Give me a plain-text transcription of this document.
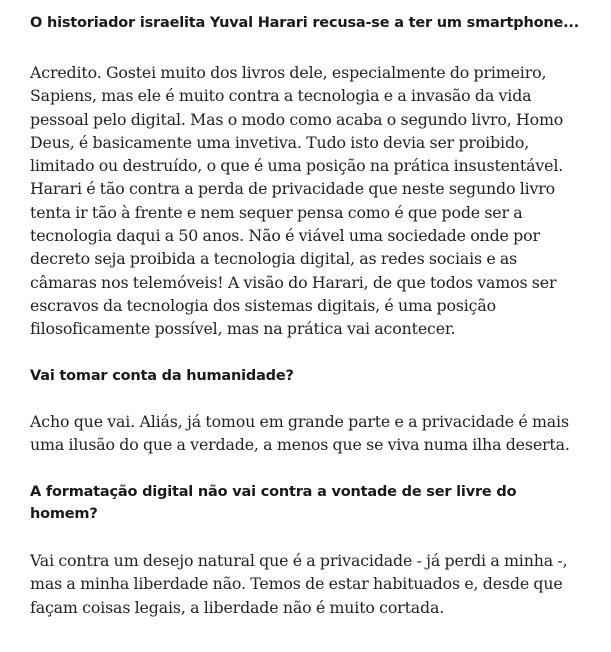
O historiador israelita Yuval Harari recusa-se a ter um smartphone...

Acredito. Gostei muito dos livros dele, especialmente do primeiro, Sapiens, mas ele é muito contra a tecnologia e a invasão da vida pessoal pelo digital. Mas o modo como acaba o segundo livro, Homo Deus, é basicamente uma invetiva. Tudo isto devia ser proibido, limitado ou destruído, o que é uma posição na prática insustentável. Harari é tão contra a perda de privacidade que neste segundo livro tenta ir tão à frente e nem sequer pensa como é que pode ser a tecnologia daqui a 50 anos. Não é viável uma sociedade onde por decreto seja proibida a tecnologia digital, as redes sociais e as câmaras nos telemóveis! A visão do Harari, de que todos vamos ser escravos da tecnologia dos sistemas digitais, é uma posição filosoficamente possível, mas na prática vai acontecer.

Vai tomar conta da humanidade?

Acho que vai. Aliás, já tomou em grande parte e a privacidade é mais uma ilusão do que a verdade, a menos que se viva numa ilha deserta.

A formatação digital não vai contra a vontade de ser livre do homem?

Vai contra um desejo natural que é a privacidade - já perdi a minha -, mas a minha liberdade não. Temos de estar habituados e, desde que façam coisas legais, a liberdade não é muito cortada.
